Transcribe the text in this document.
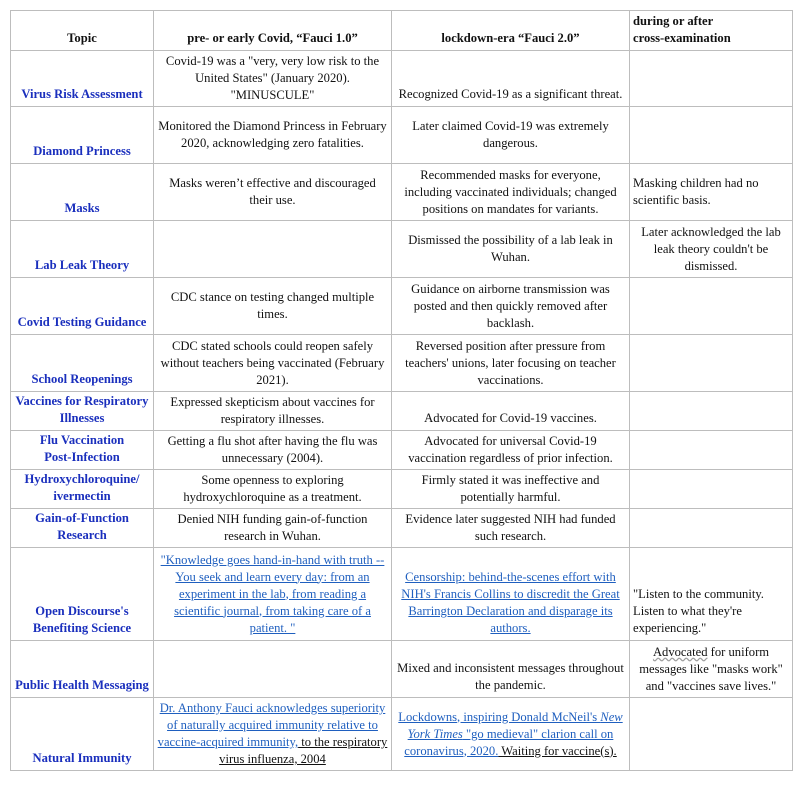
Topic	pre- or early Covid, “Fauci 1.0”	lockdown-era “Fauci 2.0”	during or after
cross-examination
Virus Risk Assessment	Covid-19 was a "very, very low risk to the United States" (January 2020). "MINUSCULE"	Recognized Covid-19 as a significant threat.	
Diamond Princess	Monitored the Diamond Princess in February 2020, acknowledging zero fatalities.	Later claimed Covid-19 was extremely dangerous.	
Masks	Masks weren’t effective and discouraged their use.	Recommended masks for everyone, including vaccinated individuals; changed positions on mandates for variants.	Masking children had no scientific basis.
Lab Leak Theory		Dismissed the possibility of a lab leak in Wuhan.	Later acknowledged the lab leak theory couldn't be dismissed.
Covid Testing Guidance	CDC stance on testing changed multiple times.	Guidance on airborne transmission was posted and then quickly removed after backlash.	
School Reopenings	CDC stated schools could reopen safely without teachers being vaccinated (February 2021).	Reversed position after pressure from teachers' unions, later focusing on teacher vaccinations.	
Vaccines for Respiratory Illnesses	Expressed skepticism about vaccines for respiratory illnesses.	Advocated for Covid-19 vaccines.	
Flu Vaccination
Post-Infection	Getting a flu shot after having the flu was unnecessary (2004).	Advocated for universal Covid-19 vaccination regardless of prior infection.	
Hydroxychloroquine/
ivermectin	Some openness to exploring hydroxychloroquine as a treatment.	Firmly stated it was ineffective and potentially harmful.	
Gain-of-Function Research	Denied NIH funding gain-of-function research in Wuhan.	Evidence later suggested NIH had funded such research.	
Open Discourse's Benefiting Science	"Knowledge goes hand-in-hand with truth --You seek and learn every day: from an experiment in the lab, from reading a scientific journal, from taking care of a patient. "	Censorship: behind-the-scenes effort with NIH's Francis Collins to discredit the Great Barrington Declaration and disparage its authors.	"Listen to the community. Listen to what they're experiencing."
Public Health Messaging		Mixed and inconsistent messages throughout the pandemic.	Advocated for uniform messages like "masks work" and "vaccines save lives."
Natural Immunity	Dr. Anthony Fauci acknowledges superiority of naturally acquired immunity relative to vaccine-acquired immunity, to the respiratory virus influenza, 2004	Lockdowns, inspiring Donald McNeil's New York Times "go medieval" clarion call on coronavirus, 2020. Waiting for vaccine(s).	
